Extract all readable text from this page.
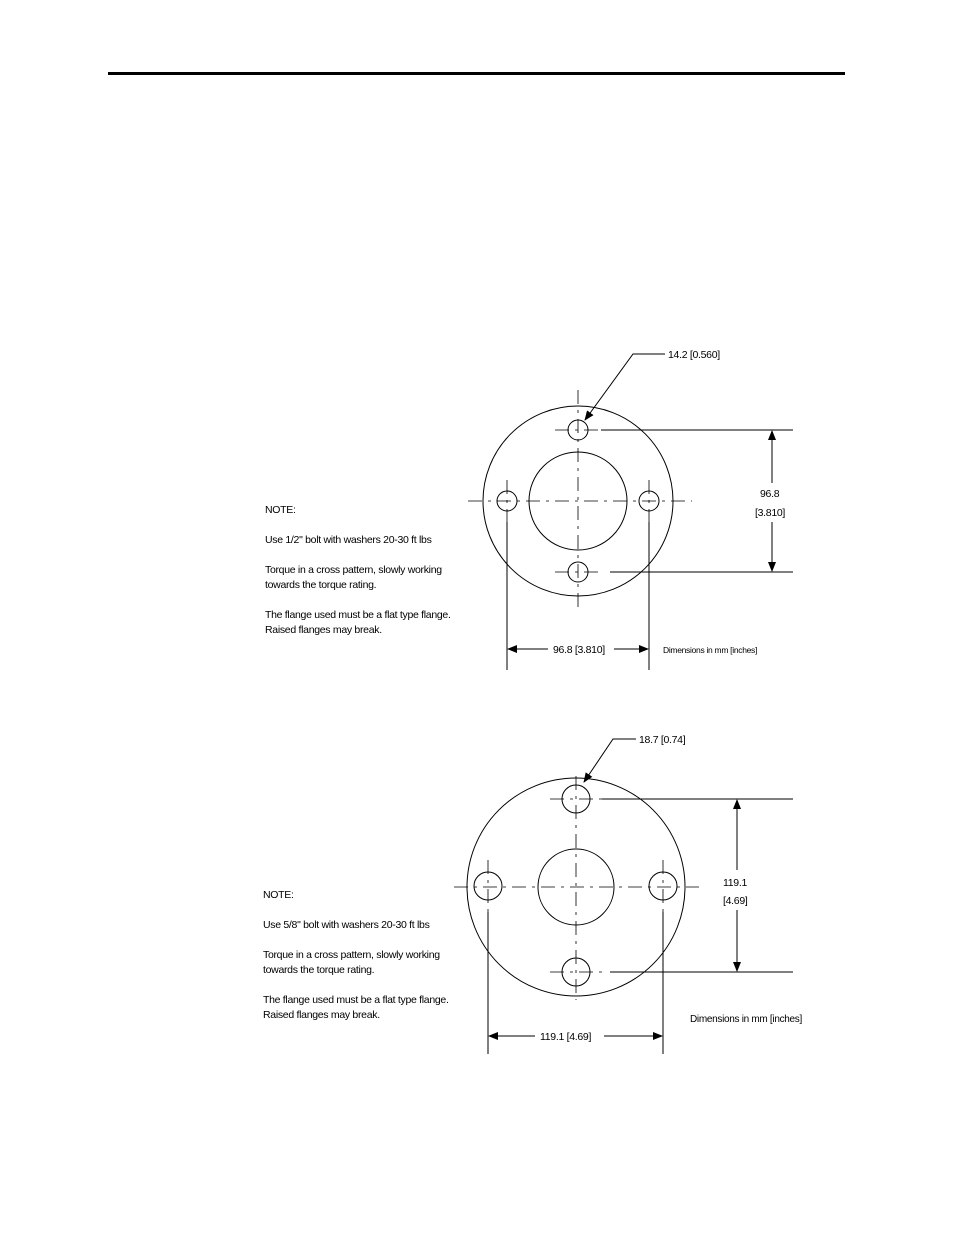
14.2 [0.560]
96.8
[3.810]
96.8 [3.810]	Dimensions in mm [inches]
18.7 [0.74]
119.1
[4.69]
119.1 [4.69]
Dimensions in mm [inches]

NOTE:

Use 1/2" bolt with washers 20-30 ft lbs

Torque in a cross pattern, slowly working

towards the torque rating.

The flange used must be a flat type flange.

Raised flanges may break.

NOTE:

Use 5/8" bolt with washers 20-30 ft lbs

Torque in a cross pattern, slowly working

towards the torque rating.

The flange used must be a flat type flange.

Raised flanges may break.
